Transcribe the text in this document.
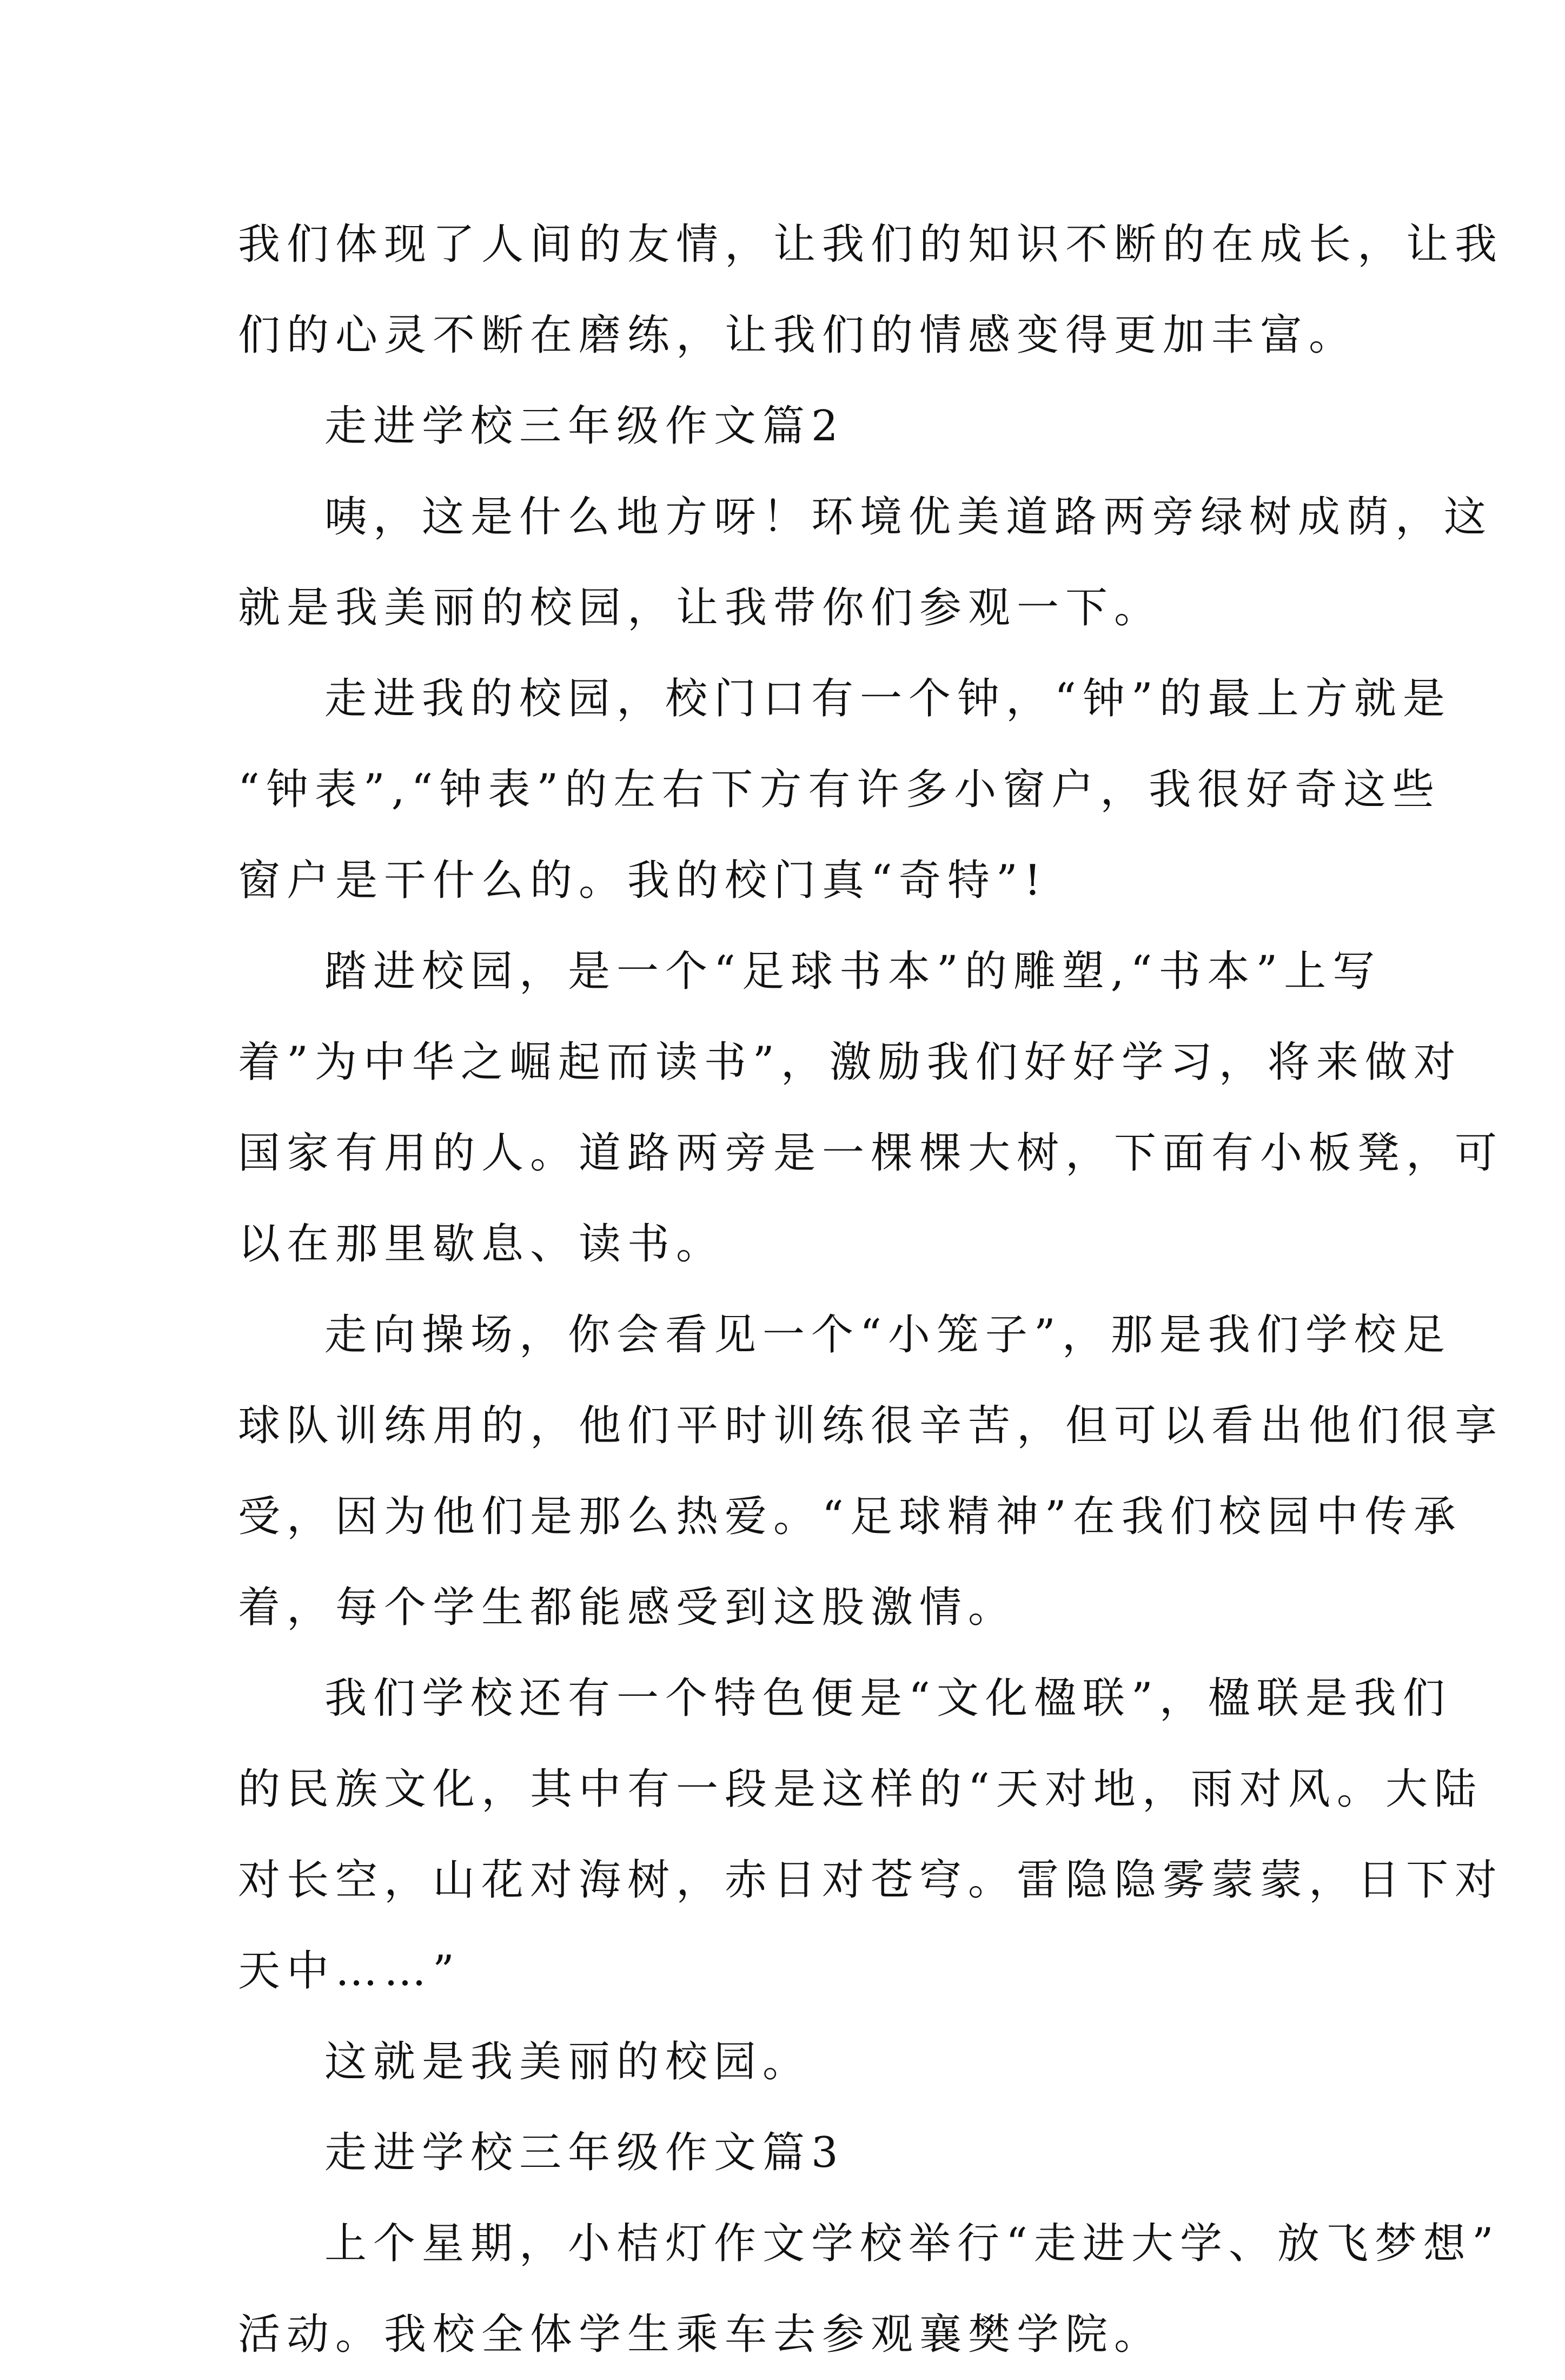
我们体现了人间的友情，让我们的知识不断的在成长，让我
们的心灵不断在磨练，让我们的情感变得更加丰富。
走进学校三年级作文篇2
咦，这是什么地方呀！环境优美道路两旁绿树成荫，这
就是我美丽的校园，让我带你们参观一下。
走进我的校园，校门口有一个钟，“钟”的最上方就是
“钟表”,“钟表”的左右下方有许多小窗户，我很好奇这些
窗户是干什么的。我的校门真“奇特”!
踏进校园，是一个“足球书本”的雕塑,“书本”上写
着”为中华之崛起而读书”，激励我们好好学习，将来做对
国家有用的人。道路两旁是一棵棵大树，下面有小板凳，可
以在那里歇息、读书。
走向操场，你会看见一个“小笼子”，那是我们学校足
球队训练用的，他们平时训练很辛苦，但可以看出他们很享
受，因为他们是那么热爱。“足球精神”在我们校园中传承
着，每个学生都能感受到这股激情。
我们学校还有一个特色便是“文化楹联”，楹联是我们
的民族文化，其中有一段是这样的“天对地，雨对风。大陆
对长空，山花对海树，赤日对苍穹。雷隐隐雾蒙蒙，日下对
天中……”
这就是我美丽的校园。
走进学校三年级作文篇3
上个星期，小桔灯作文学校举行“走进大学、放飞梦想”
活动。我校全体学生乘车去参观襄樊学院。
